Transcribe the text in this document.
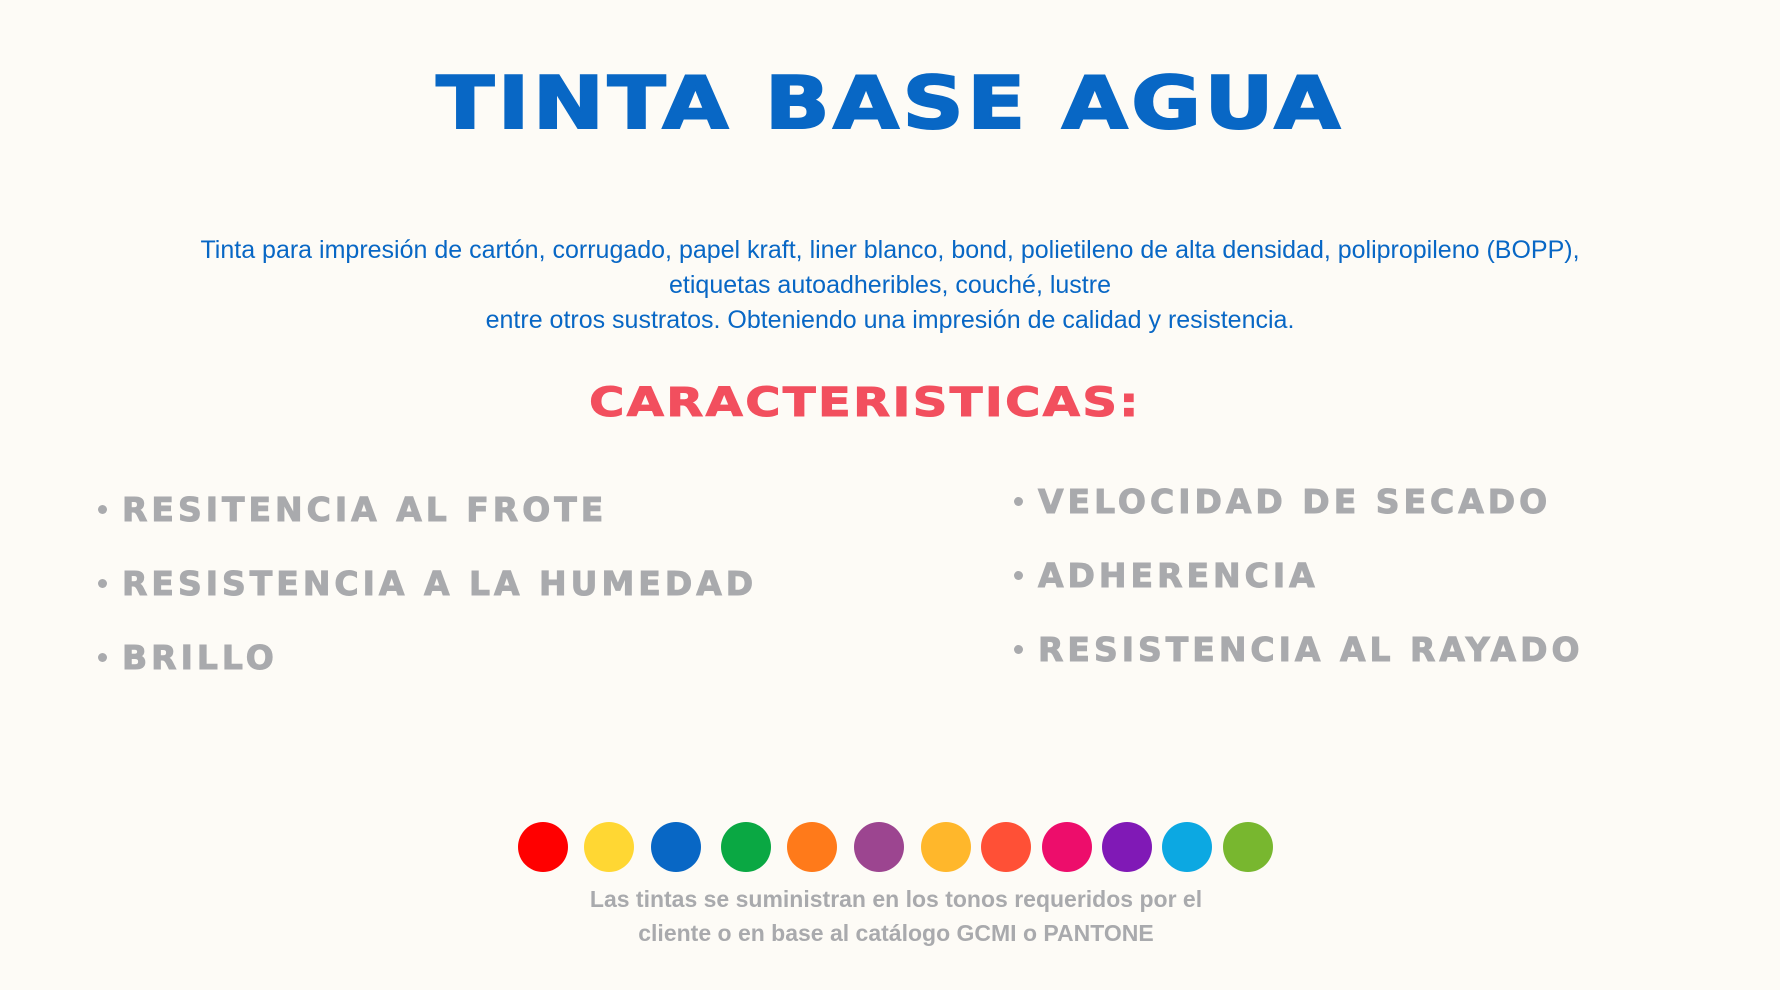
TINTA BASE AGUA
Tinta para impresión de cartón, corrugado, papel kraft, liner blanco, bond, polietileno de alta densidad, polipropileno (BOPP),
etiquetas autoadheribles, couché, lustre
entre otros sustratos. Obteniendo una impresión de calidad y resistencia.
CARACTERISTICAS:
RESITENCIA AL FROTE
RESISTENCIA A LA HUMEDAD
BRILLO
VELOCIDAD DE SECADO
ADHERENCIA
RESISTENCIA AL RAYADO
Las tintas se suministran en los tonos requeridos por el
cliente o en base al catálogo GCMI o PANTONE
